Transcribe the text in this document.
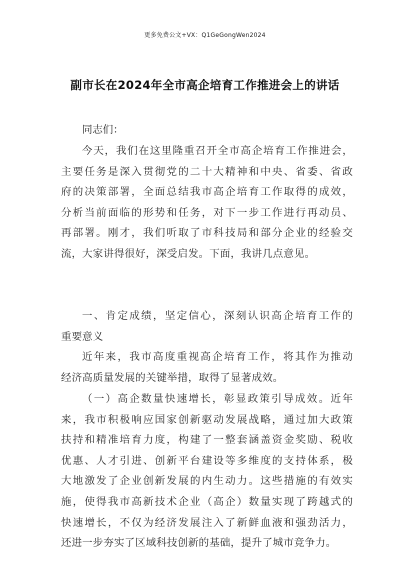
更多免费公文+VX：Q1GeGongWen2024
副市长在2024年全市高企培育工作推进会上的讲话
同志们：
今天，我们在这里隆重召开全市高企培育工作推进会，
主要任务是深入贯彻党的二十大精神和中央、省委、省政
府的决策部署，全面总结我市高企培育工作取得的成效，
分析当前面临的形势和任务，对下一步工作进行再动员、
再部署。刚才，我们听取了市科技局和部分企业的经验交
流，大家讲得很好，深受启发。下面，我讲几点意见。
一、肯定成绩，坚定信心，深刻认识高企培育工作的
重要意义
近年来，我市高度重视高企培育工作，将其作为推动
经济高质量发展的关键举措，取得了显著成效。
（一）高企数量快速增长，彰显政策引导成效。近年
来，我市积极响应国家创新驱动发展战略，通过加大政策
扶持和精准培育力度，构建了一整套涵盖资金奖励、税收
优惠、人才引进、创新平台建设等多维度的支持体系，极
大地激发了企业创新发展的内生动力。这些措施的有效实
施，使得我市高新技术企业（高企）数量实现了跨越式的
快速增长，不仅为经济发展注入了新鲜血液和强劲活力，
还进一步夯实了区域科技创新的基础，提升了城市竞争力。
